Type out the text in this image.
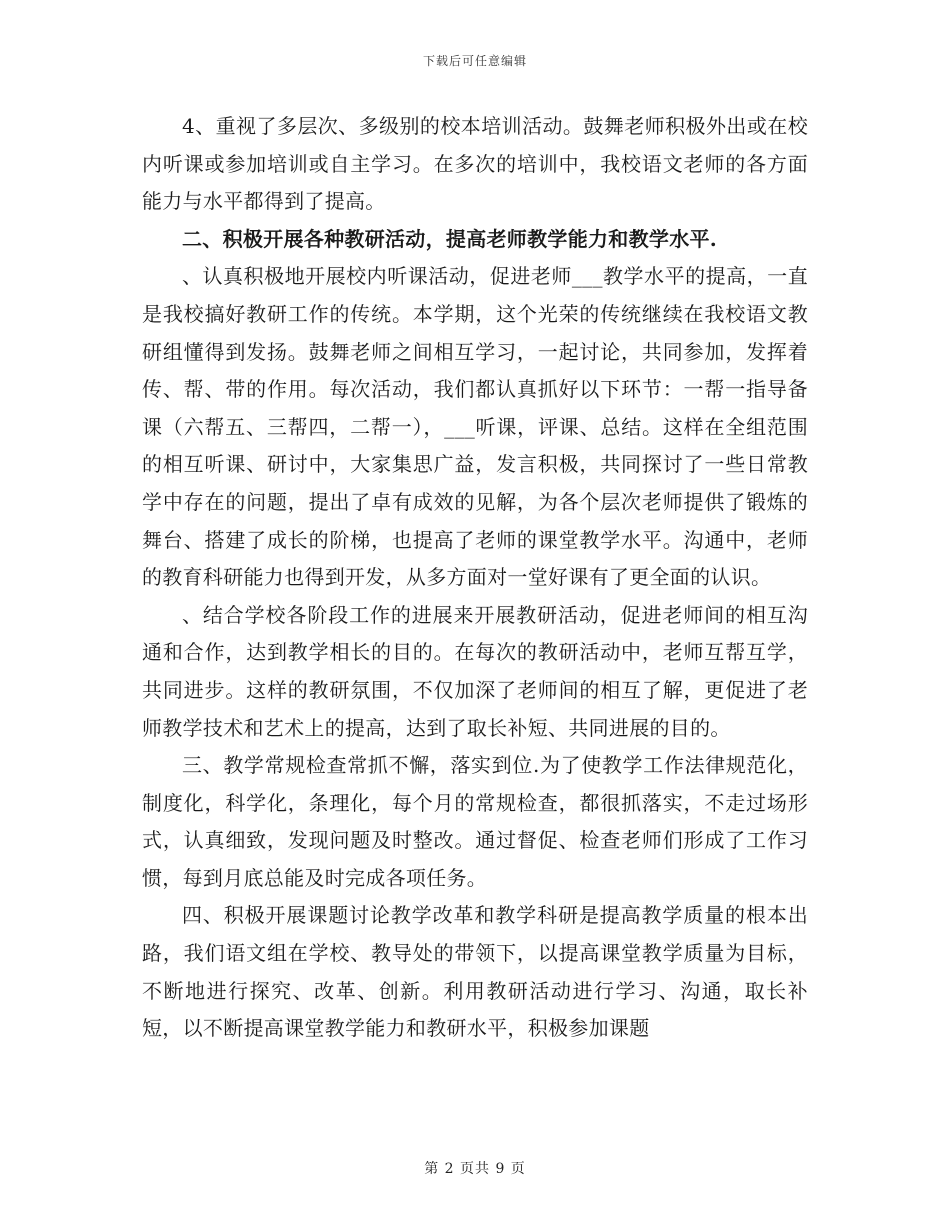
下载后可任意编辑

4、重视了多层次、多级别的校本培训活动。鼓舞老师积极外出或在校内听课或参加培训或自主学习。在多次的培训中，我校语文老师的各方面能力与水平都得到了提高。

二、积极开展各种教研活动，提高老师教学能力和教学水平.

、认真积极地开展校内听课活动，促进老师___教学水平的提高，一直是我校搞好教研工作的传统。本学期，这个光荣的传统继续在我校语文教研组懂得到发扬。鼓舞老师之间相互学习，一起讨论，共同参加，发挥着传、帮、带的作用。每次活动，我们都认真抓好以下环节：一帮一指导备课（六帮五、三帮四，二帮一），___听课，评课、总结。这样在全组范围的相互听课、研讨中，大家集思广益，发言积极，共同探讨了一些日常教学中存在的问题，提出了卓有成效的见解，为各个层次老师提供了锻炼的舞台、搭建了成长的阶梯，也提高了老师的课堂教学水平。沟通中，老师的教育科研能力也得到开发，从多方面对一堂好课有了更全面的认识。

、结合学校各阶段工作的进展来开展教研活动，促进老师间的相互沟通和合作，达到教学相长的目的。在每次的教研活动中，老师互帮互学，共同进步。这样的教研氛围，不仅加深了老师间的相互了解，更促进了老师教学技术和艺术上的提高，达到了取长补短、共同进展的目的。

三、教学常规检查常抓不懈，落实到位.为了使教学工作法律规范化，制度化，科学化，条理化，每个月的常规检查，都很抓落实，不走过场形式，认真细致，发现问题及时整改。通过督促、检查老师们形成了工作习惯，每到月底总能及时完成各项任务。

四、积极开展课题讨论教学改革和教学科研是提高教学质量的根本出路，我们语文组在学校、教导处的带领下，以提高课堂教学质量为目标，不断地进行探究、改革、创新。利用教研活动进行学习、沟通，取长补短，以不断提高课堂教学能力和教研水平，积极参加课题

第 2 页共 9 页
